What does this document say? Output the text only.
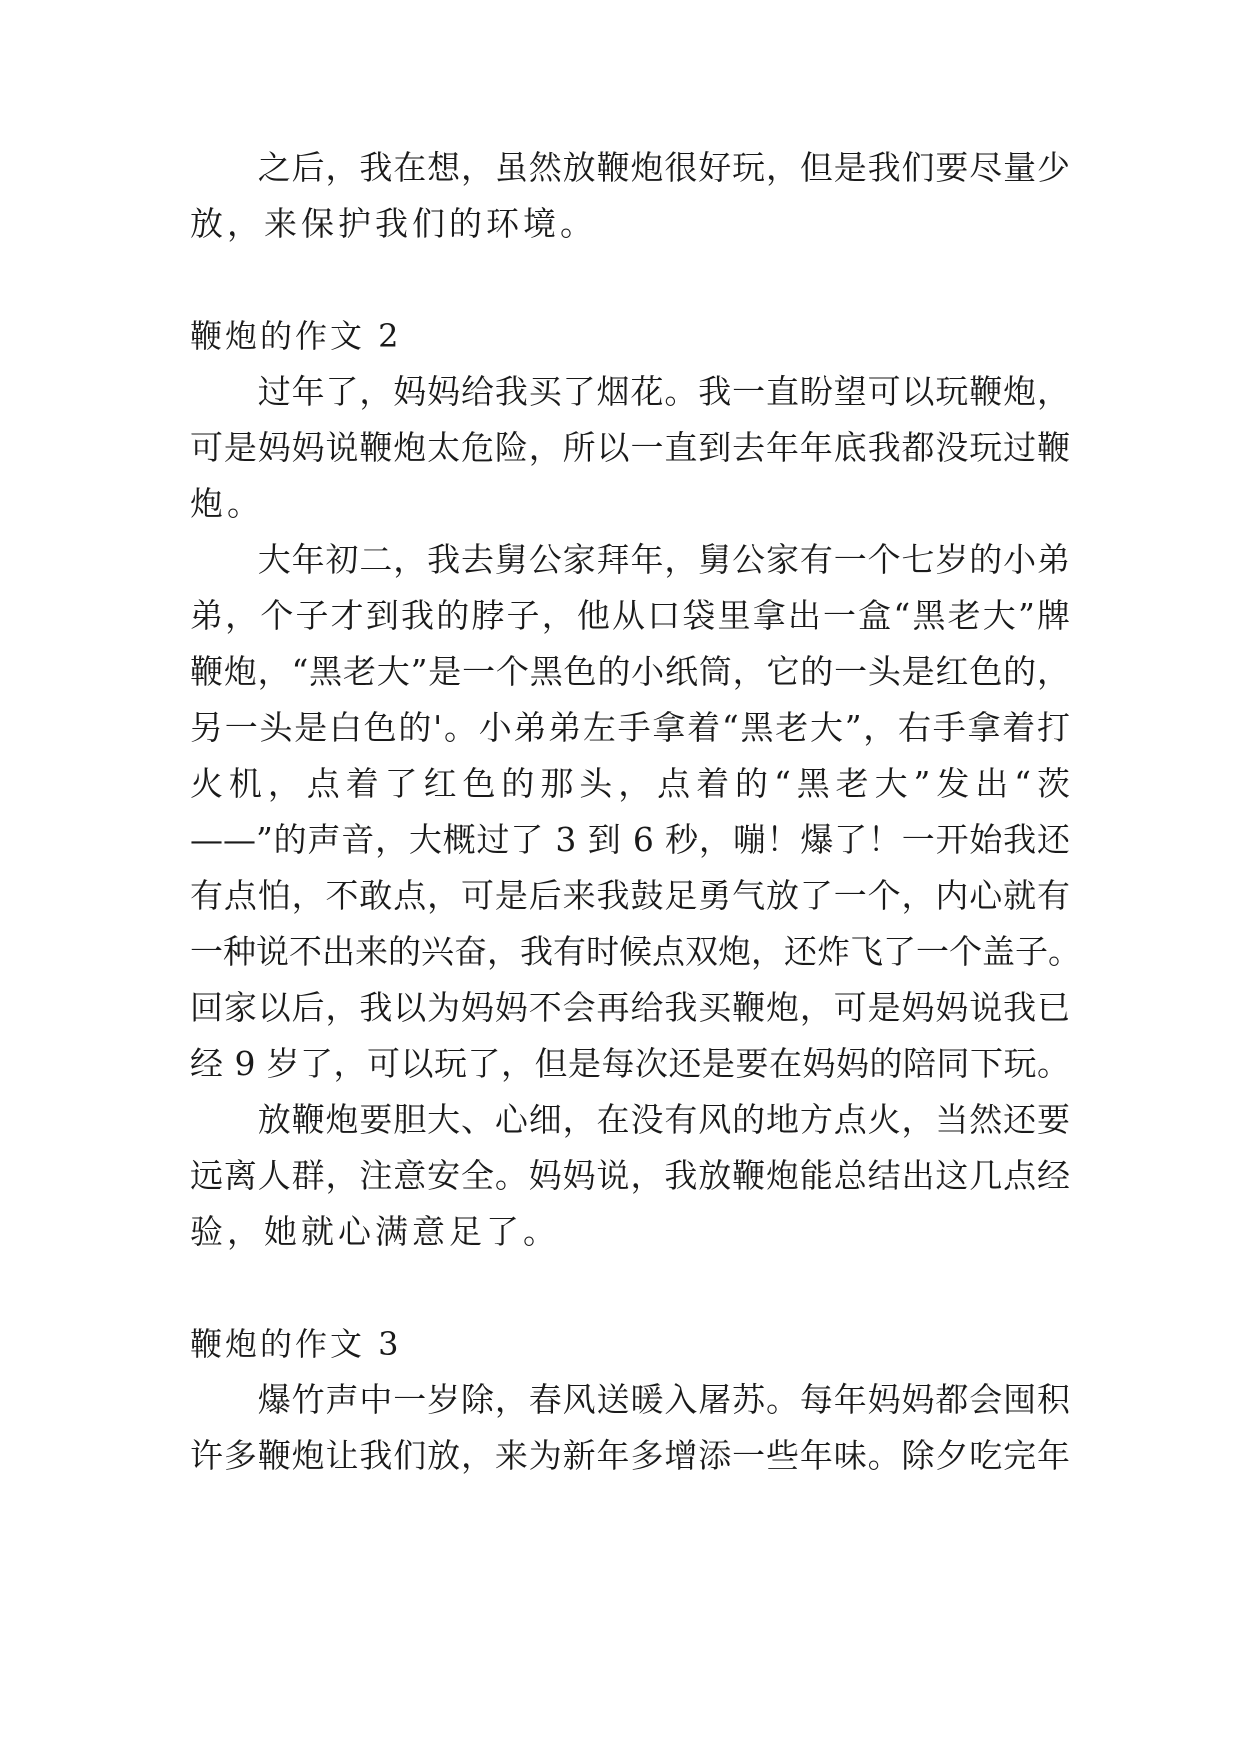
　　之后，我在想，虽然放鞭炮很好玩，但是我们要尽量少
放，来保护我们的环境。
鞭炮的作文 2
　　过年了，妈妈给我买了烟花。我一直盼望可以玩鞭炮，
可是妈妈说鞭炮太危险，所以一直到去年年底我都没玩过鞭
炮。
　　大年初二，我去舅公家拜年，舅公家有一个七岁的小弟
弟，个子才到我的脖子，他从口袋里拿出一盒“黑老大”牌
鞭炮，“黑老大”是一个黑色的小纸筒，它的一头是红色的，
另一头是白色的'。小弟弟左手拿着“黑老大”，右手拿着打
火机，点着了红色的那头，点着的“黑老大”发出“茨
——”的声音，大概过了 3 到 6 秒，嘣！爆了！一开始我还
有点怕，不敢点，可是后来我鼓足勇气放了一个，内心就有
一种说不出来的兴奋，我有时候点双炮，还炸飞了一个盖子。
回家以后，我以为妈妈不会再给我买鞭炮，可是妈妈说我已
经 9 岁了，可以玩了，但是每次还是要在妈妈的陪同下玩。
　　放鞭炮要胆大、心细，在没有风的地方点火，当然还要
远离人群，注意安全。妈妈说，我放鞭炮能总结出这几点经
验，她就心满意足了。
鞭炮的作文 3
　　爆竹声中一岁除，春风送暖入屠苏。每年妈妈都会囤积
许多鞭炮让我们放，来为新年多增添一些年味。除夕吃完年
